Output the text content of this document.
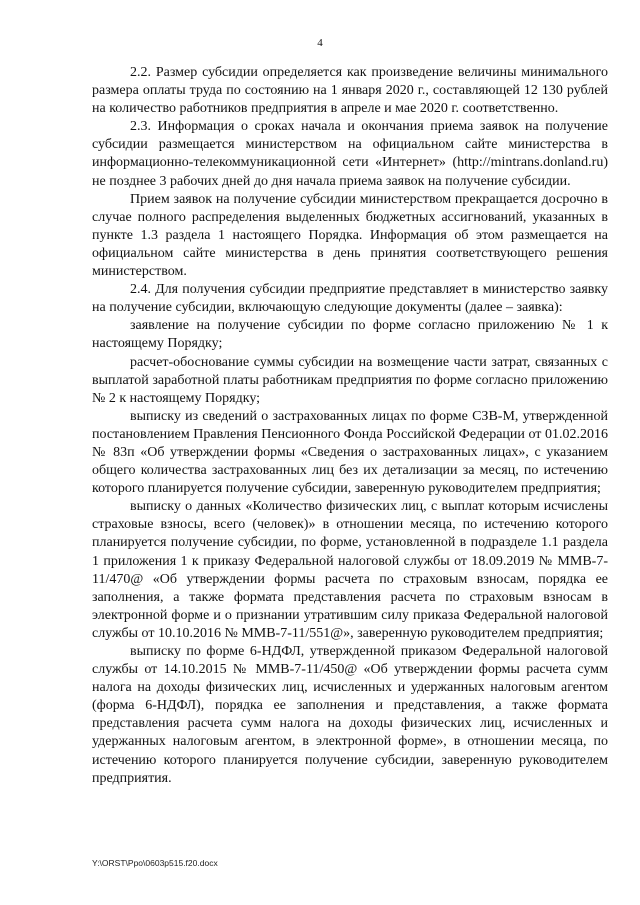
4

2.2. Размер субсидии определяется как произведение величины минимального размера оплаты труда по состоянию на 1 января 2020 г., составляющей 12 130 рублей на количество работников предприятия в апреле и мае 2020 г. соответственно.

2.3. Информация о сроках начала и окончания приема заявок на получение субсидии размещается министерством на официальном сайте министерства в информационно-телекоммуникационной сети «Интернет» (http://mintrans.donland.ru) не позднее 3 рабочих дней до дня начала приема заявок на получение субсидии.

Прием заявок на получение субсидии министерством прекращается досрочно в случае полного распределения выделенных бюджетных ассигнований, указанных в пункте 1.3 раздела 1 настоящего Порядка. Информация об этом размещается на официальном сайте министерства в день принятия соответствующего решения министерством.

2.4. Для получения субсидии предприятие представляет в министерство заявку на получение субсидии, включающую следующие документы (далее – заявка):

заявление на получение субсидии по форме согласно приложению № 1 к настоящему Порядку;

расчет-обоснование суммы субсидии на возмещение части затрат, связанных с выплатой заработной платы работникам предприятия по форме согласно приложению № 2 к настоящему Порядку;

выписку из сведений о застрахованных лицах по форме СЗВ-М, утвержденной постановлением Правления Пенсионного Фонда Российской Федерации от 01.02.2016 № 83п «Об утверждении формы «Сведения о застрахованных лицах», с указанием общего количества застрахованных лиц без их детализации за месяц, по истечению которого планируется получение субсидии, заверенную руководителем предприятия;

выписку о данных «Количество физических лиц, с выплат которым исчислены страховые взносы, всего (человек)» в отношении месяца, по истечению которого планируется получение субсидии, по форме, установленной в подразделе 1.1 раздела 1 приложения 1 к приказу Федеральной налоговой службы от 18.09.2019 № ММВ-7-11/470@ «Об утверждении формы расчета по страховым взносам, порядка ее заполнения, а также формата представления расчета по страховым взносам в электронной форме и о признании утратившим силу приказа Федеральной налоговой службы от 10.10.2016 № ММВ-7-11/551@», заверенную руководителем предприятия;

выписку по форме 6-НДФЛ, утвержденной приказом Федеральной налоговой службы от 14.10.2015 № ММВ-7-11/450@ «Об утверждении формы расчета сумм налога на доходы физических лиц, исчисленных и удержанных налоговым агентом (форма 6-НДФЛ), порядка ее заполнения и представления, а также формата представления расчета сумм налога на доходы физических лиц, исчисленных и удержанных налоговым агентом, в электронной форме», в отношении месяца, по истечению которого планируется получение субсидии, заверенную руководителем предприятия.

Y:\ORST\Ppo\0603p515.f20.docx
